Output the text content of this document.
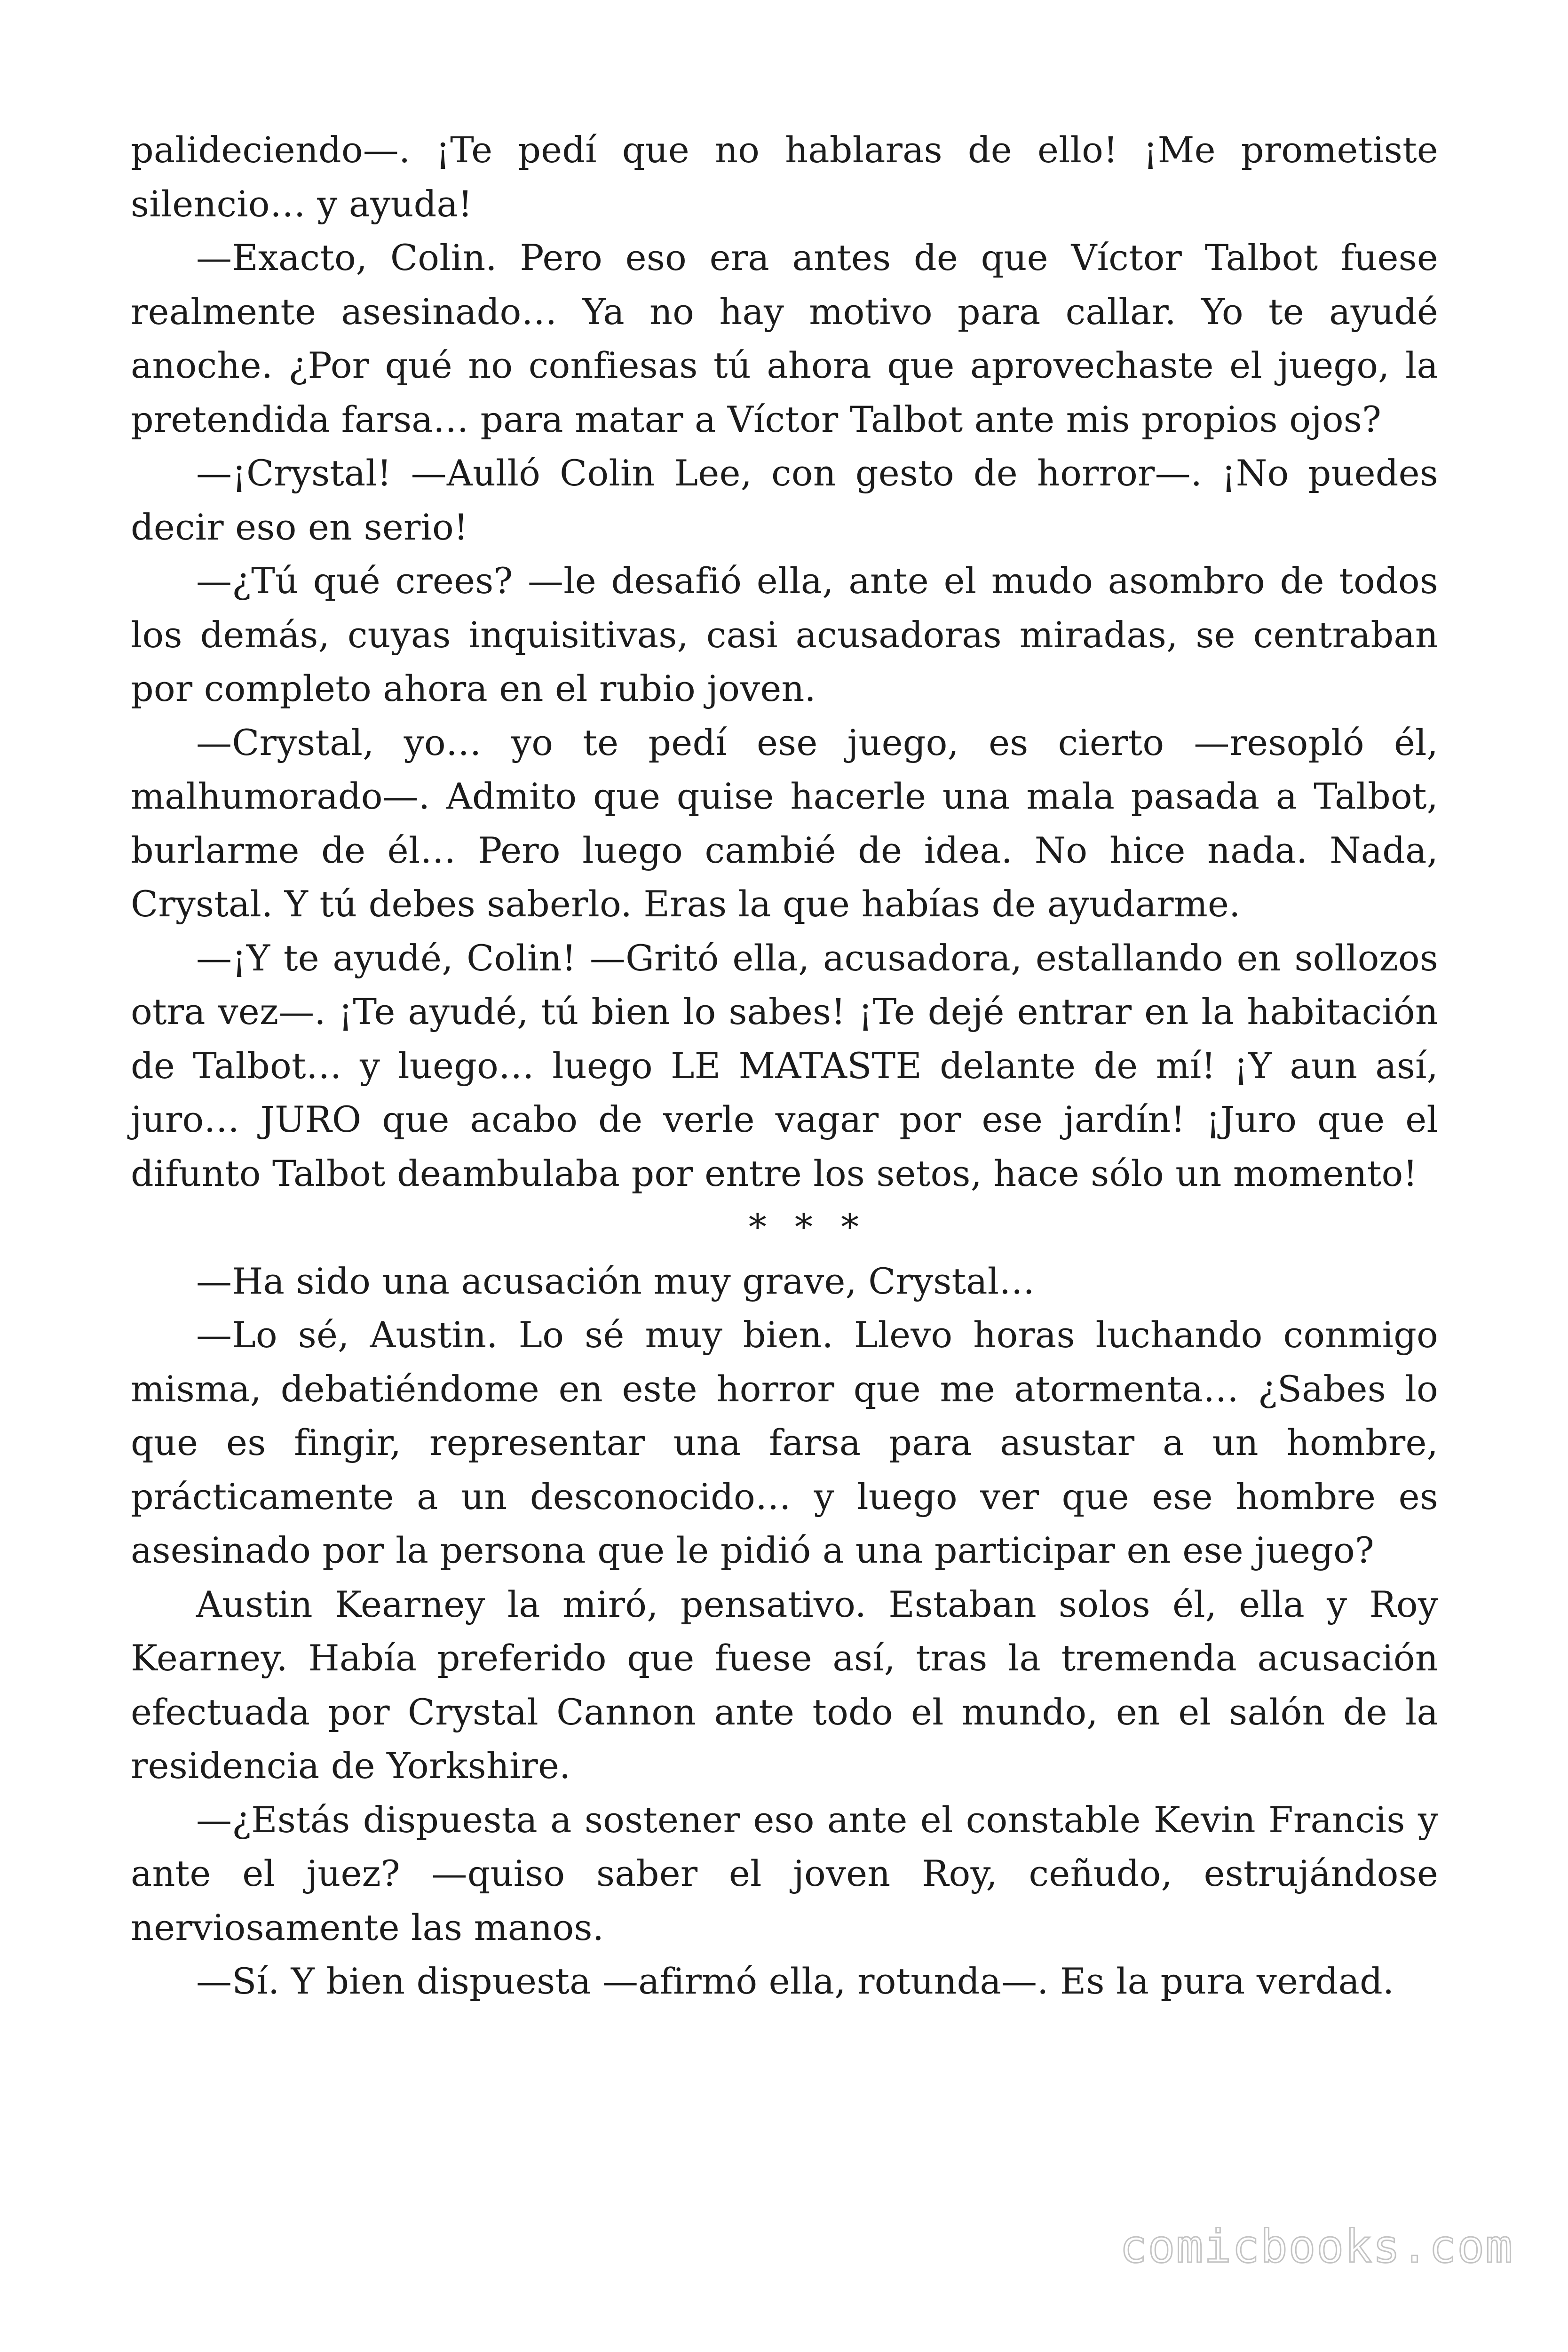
palideciendo—. ¡Te pedí que no hablaras de ello! ¡Me prometiste silencio… y ayuda!

—Exacto, Colin. Pero eso era antes de que Víctor Talbot fuese realmente asesinado… Ya no hay motivo para callar. Yo te ayudé anoche. ¿Por qué no confiesas tú ahora que aprovechaste el juego, la pretendida farsa… para matar a Víctor Talbot ante mis propios ojos?

—¡Crystal! —Aulló Colin Lee, con gesto de horror—. ¡No puedes decir eso en serio!

—¿Tú qué crees? —le desafió ella, ante el mudo asombro de todos los demás, cuyas inquisitivas, casi acusadoras miradas, se centraban por completo ahora en el rubio joven.

—Crystal, yo… yo te pedí ese juego, es cierto —resopló él, malhumorado—. Admito que quise hacerle una mala pasada a Talbot, burlarme de él… Pero luego cambié de idea. No hice nada. Nada, Crystal. Y tú debes saberlo. Eras la que habías de ayudarme.

—¡Y te ayudé, Colin! —Gritó ella, acusadora, estallando en sollozos otra vez—. ¡Te ayudé, tú bien lo sabes! ¡Te dejé entrar en la habitación de Talbot… y luego… luego LE MATASTE delante de mí! ¡Y aun así, juro… JURO que acabo de verle vagar por ese jardín! ¡Juro que el difunto Talbot deambulaba por entre los setos, hace sólo un momento!

* * *

—Ha sido una acusación muy grave, Crystal…

—Lo sé, Austin. Lo sé muy bien. Llevo horas luchando conmigo misma, debatiéndome en este horror que me atormenta… ¿Sabes lo que es fingir, representar una farsa para asustar a un hombre, prácticamente a un desconocido… y luego ver que ese hombre es asesinado por la persona que le pidió a una participar en ese juego?

Austin Kearney la miró, pensativo. Estaban solos él, ella y Roy Kearney. Había preferido que fuese así, tras la tremenda acusación efectuada por Crystal Cannon ante todo el mundo, en el salón de la residencia de Yorkshire.

—¿Estás dispuesta a sostener eso ante el constable Kevin Francis y ante el juez? —quiso saber el joven Roy, ceñudo, estrujándose nerviosamente las manos.

—Sí. Y bien dispuesta —afirmó ella, rotunda—. Es la pura verdad.

comicbooks.com
